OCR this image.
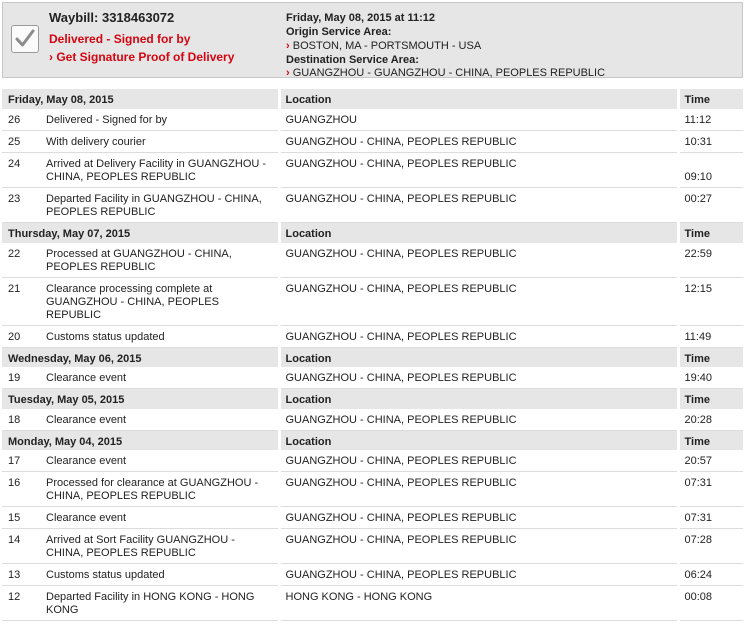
Waybill: 3318463072
Delivered - Signed for by
› Get Signature Proof of Delivery
Friday, May 08, 2015 at 11:12
Origin Service Area:
› BOSTON, MA - PORTSMOUTH - USA
Destination Service Area:
› GUANGZHOU - GUANGZHOU - CHINA, PEOPLES REPUBLIC
Friday, May 08, 2015		Location	Time
26	Delivered - Signed for by	GUANGZHOU	11:12
25	With delivery courier	GUANGZHOU - CHINA, PEOPLES REPUBLIC	10:31
24	Arrived at Delivery Facility in GUANGZHOU - CHINA, PEOPLES REPUBLIC	GUANGZHOU - CHINA, PEOPLES REPUBLIC	09:10
23	Departed Facility in GUANGZHOU - CHINA, PEOPLES REPUBLIC	GUANGZHOU - CHINA, PEOPLES REPUBLIC	00:27
Thursday, May 07, 2015		Location	Time
22	Processed at GUANGZHOU - CHINA, PEOPLES REPUBLIC	GUANGZHOU - CHINA, PEOPLES REPUBLIC	22:59
21	Clearance processing complete at GUANGZHOU - CHINA, PEOPLES REPUBLIC	GUANGZHOU - CHINA, PEOPLES REPUBLIC	12:15
20	Customs status updated	GUANGZHOU - CHINA, PEOPLES REPUBLIC	11:49
Wednesday, May 06, 2015		Location	Time
19	Clearance event	GUANGZHOU - CHINA, PEOPLES REPUBLIC	19:40
Tuesday, May 05, 2015		Location	Time
18	Clearance event	GUANGZHOU - CHINA, PEOPLES REPUBLIC	20:28
Monday, May 04, 2015		Location	Time
17	Clearance event	GUANGZHOU - CHINA, PEOPLES REPUBLIC	20:57
16	Processed for clearance at GUANGZHOU - CHINA, PEOPLES REPUBLIC	GUANGZHOU - CHINA, PEOPLES REPUBLIC	07:31
15	Clearance event	GUANGZHOU - CHINA, PEOPLES REPUBLIC	07:31
14	Arrived at Sort Facility GUANGZHOU - CHINA, PEOPLES REPUBLIC	GUANGZHOU - CHINA, PEOPLES REPUBLIC	07:28
13	Customs status updated	GUANGZHOU - CHINA, PEOPLES REPUBLIC	06:24
12	Departed Facility in HONG KONG - HONG KONG	HONG KONG - HONG KONG	00:08
